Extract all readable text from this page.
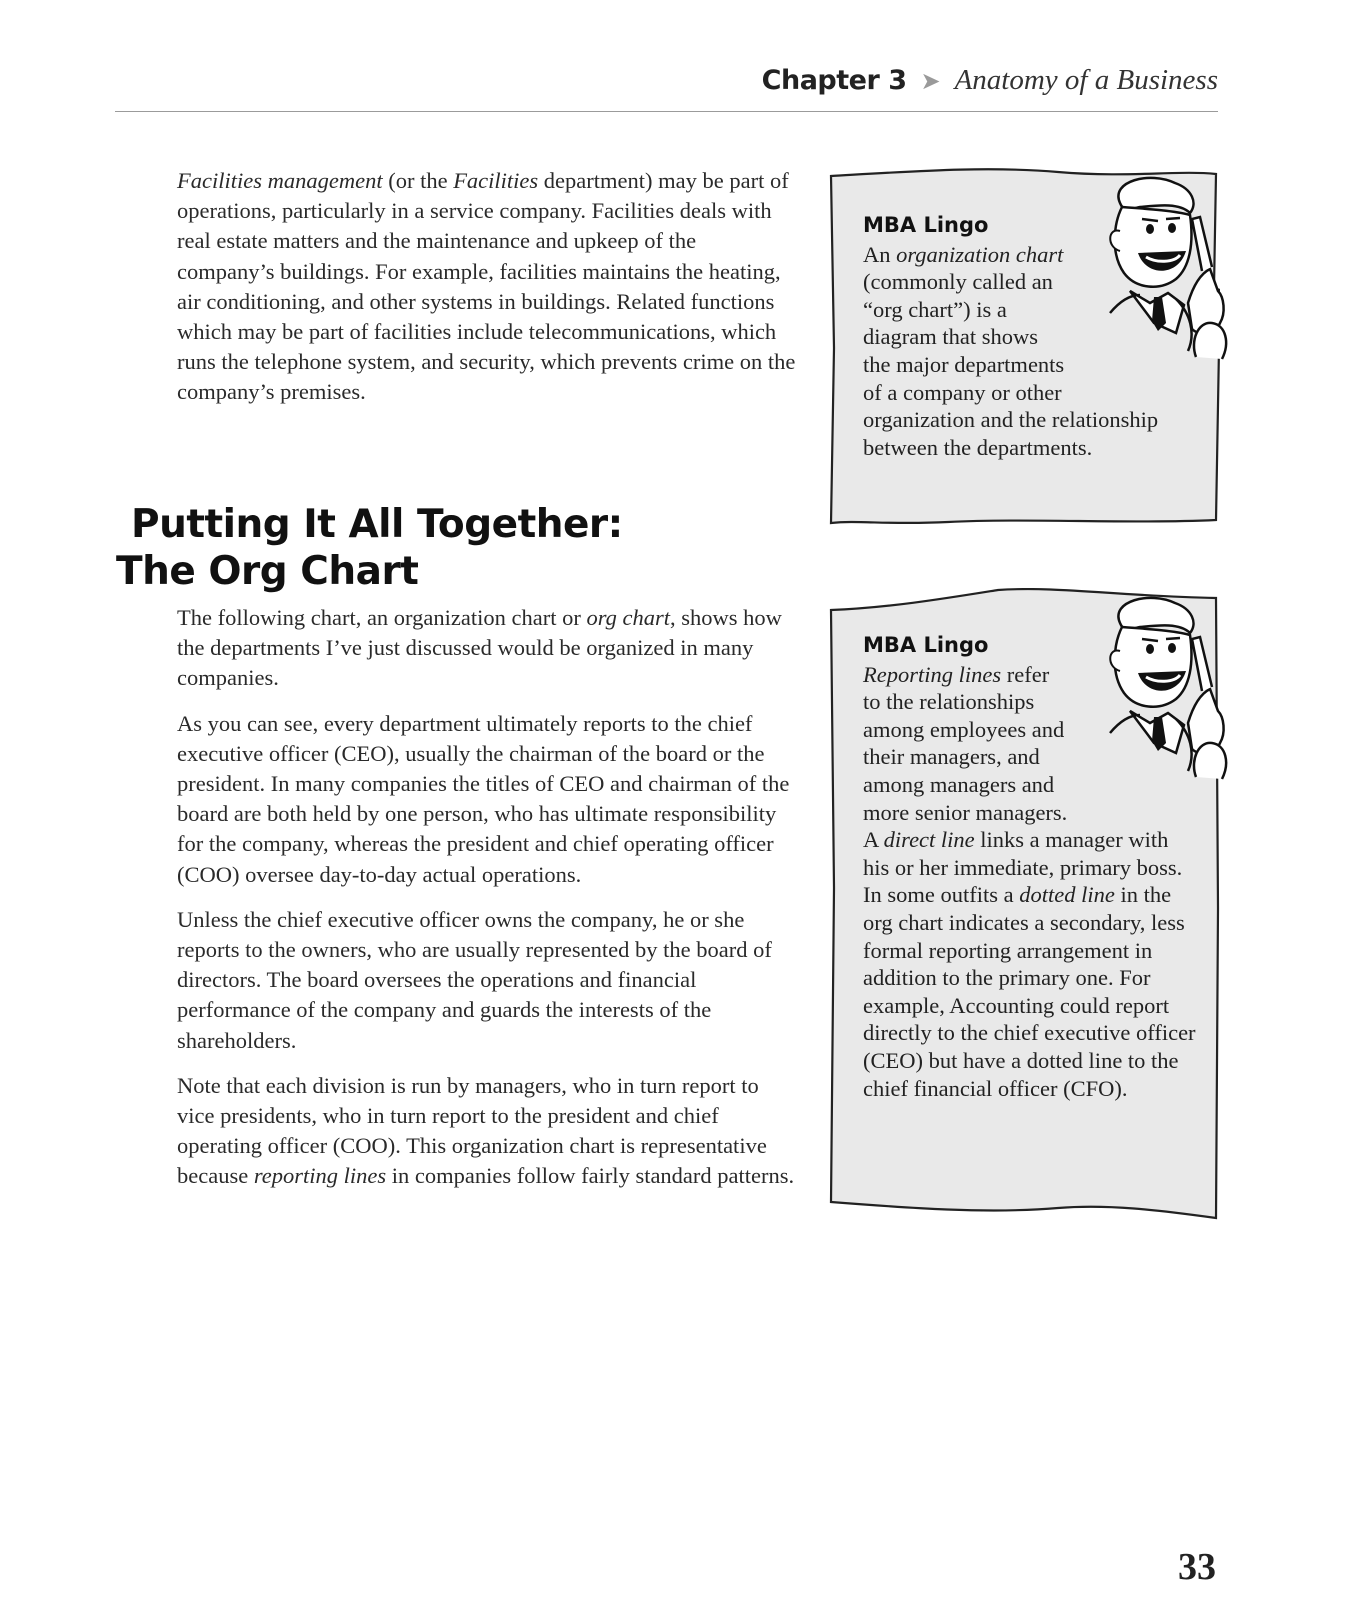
Chapter 3 ➤ Anatomy of a Business

Facilities management (or the Facilities department) may be part of operations, particularly in a service company. Facilities deals with real estate matters and the maintenance and upkeep of the company’s buildings. For example, facilities maintains the heating, air conditioning, and other systems in buildings. Related functions which may be part of facilities include telecommunications, which runs the telephone system, and security, which prevents crime on the company’s premises.

Putting It All Together:
The Org Chart

The following chart, an organization chart or org chart, shows how the departments I’ve just discussed would be organized in many companies.

As you can see, every department ultimately reports to the chief executive officer (CEO), usually the chairman of the board or the president. In many companies the titles of CEO and chairman of the board are both held by one person, who has ultimate responsibility for the company, whereas the president and chief operating officer (COO) oversee day-to-day actual operations.

Unless the chief executive officer owns the company, he or she reports to the owners, who are usually represented by the board of directors. The board oversees the operations and financial performance of the company and guards the interests of the shareholders.

Note that each division is run by managers, who in turn report to vice presidents, who in turn report to the president and chief operating officer (COO). This organization chart is representative because reporting lines in companies follow fairly standard patterns.

MBA Lingo

An organization chart (commonly called an “org chart”) is a diagram that shows the major departments of a company or other organization and the relationship between the departments.

MBA Lingo

Reporting lines refer to the relationships among employees and their managers, and among managers and more senior managers. A direct line links a manager with his or her immediate, primary boss. In some outfits a dotted line in the org chart indicates a secondary, less formal reporting arrangement in addition to the primary one. For example, Accounting could report directly to the chief executive officer (CEO) but have a dotted line to the chief financial officer (CFO).

33
